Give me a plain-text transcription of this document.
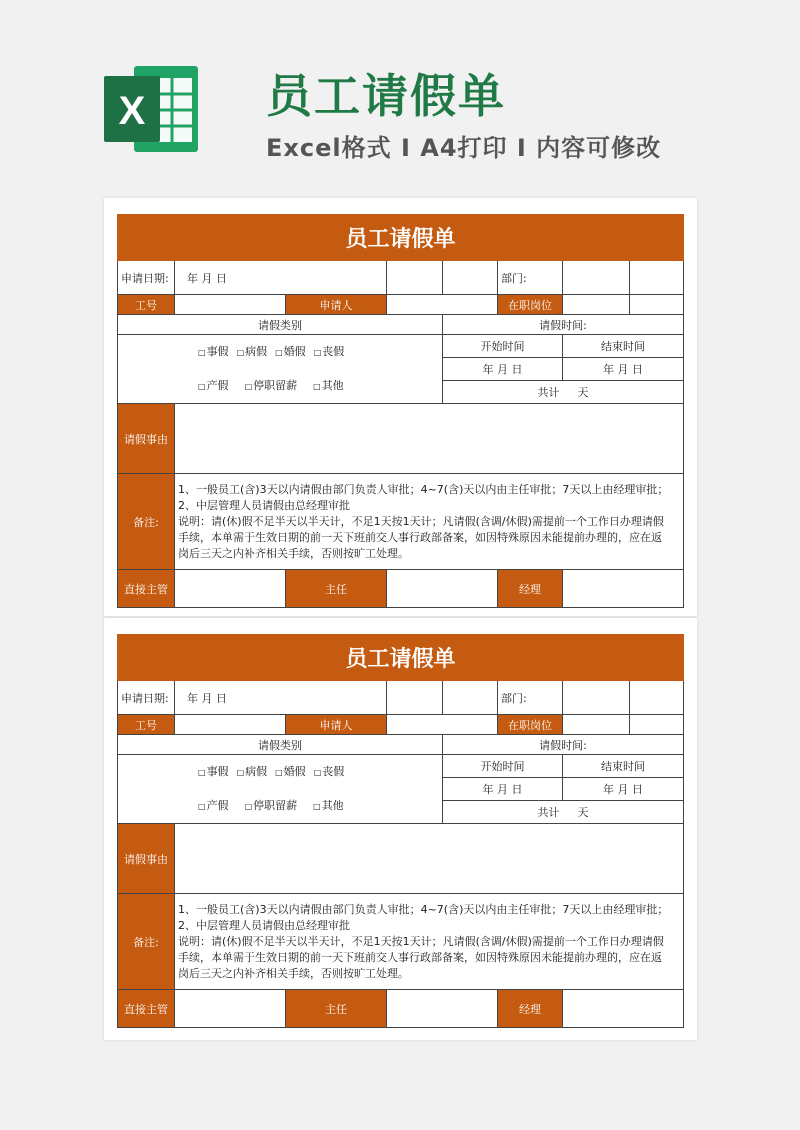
X	员工请假单
Excel格式 I A4打印 I 内容可修改
员工请假单							
申请日期:	年 月 日				部门:		
工号		申请人			在职岗位		
请假类别				请假时间:			

□事假 □病假 □婚假 □丧假
□产假 □停职留薪 □其他				开始时间		结束时间	
				年 月 日		年 月 日	
				共计 天			
请假事由							
备注:	1、一般员工(含)3天以内请假由部门负责人审批；4~7(含)天以内由主任审批；7天以上由经理审批；
2、中层管理人员请假由总经理审批
说明：请(休)假不足半天以半天计，不足1天按1天计；凡请假(含调/休假)需提前一个工作日办理请假
手续，本单需于生效日期的前一天下班前交人事行政部备案，如因特殊原因未能提前办理的，应在返
岗后三天之内补齐相关手续，否则按旷工处理。						

直接主管		主任			经理		
员工请假单							
申请日期:	年 月 日				部门:		
工号		申请人			在职岗位		
请假类别				请假时间:			

□事假 □病假 □婚假 □丧假
□产假 □停职留薪 □其他				开始时间		结束时间	
				年 月 日		年 月 日	
				共计 天			
请假事由							
备注:	1、一般员工(含)3天以内请假由部门负责人审批；4~7(含)天以内由主任审批；7天以上由经理审批；
2、中层管理人员请假由总经理审批
说明：请(休)假不足半天以半天计，不足1天按1天计；凡请假(含调/休假)需提前一个工作日办理请假
手续，本单需于生效日期的前一天下班前交人事行政部备案，如因特殊原因未能提前办理的，应在返
岗后三天之内补齐相关手续，否则按旷工处理。						

直接主管		主任			经理		
